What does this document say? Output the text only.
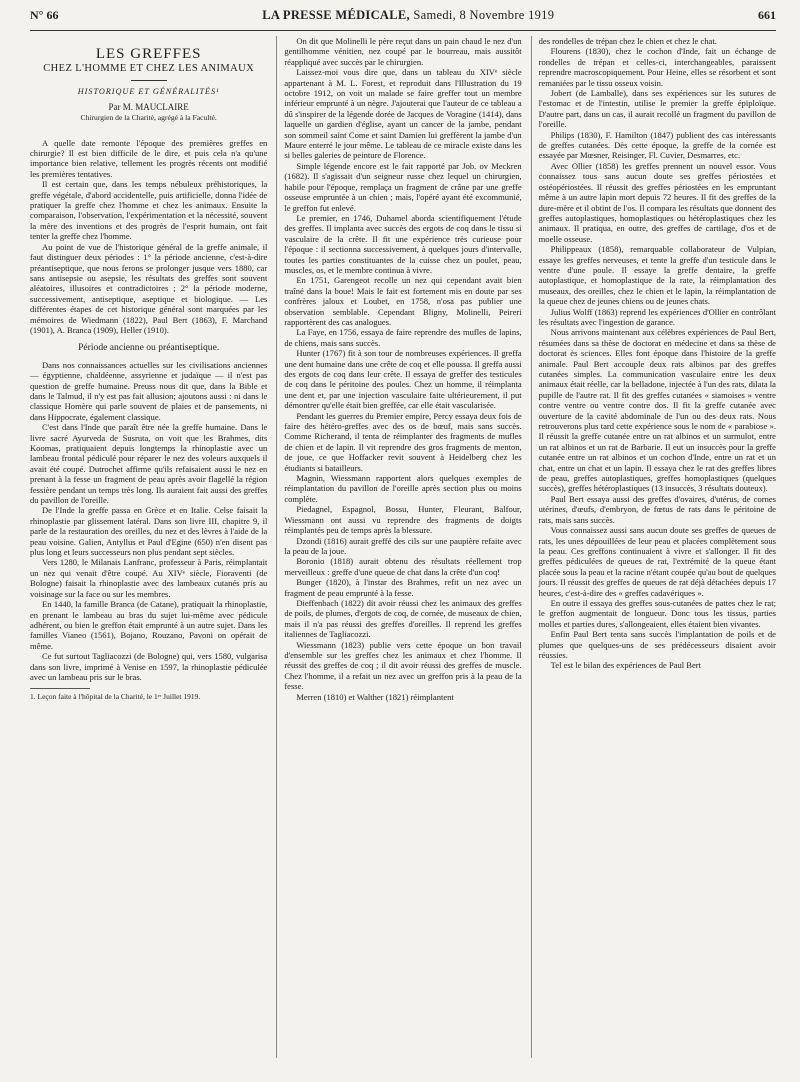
N° 66	LA PRESSE MÉDICALE, Samedi, 8 Novembre 1919	661
LES GREFFES
CHEZ L'HOMME ET CHEZ LES ANIMAUX
HISTORIQUE ET GÉNÉRALITÉS¹
Par M. MAUCLAIRE
Chirurgien de la Charité, agrégé à la Faculté.

A quelle date remonte l'époque des premières greffes en chirurgie? Il est bien difficile de le dire, et puis cela n'a qu'une importance bien relative, tellement les progrès récents ont modifié les premières tentatives.

Il est certain que, dans les temps nébuleux préhistoriques, la greffe végétale, d'abord accidentelle, puis artificielle, donna l'idée de pratiquer la greffe chez l'homme et chez les animaux. Ensuite la comparaison, l'observation, l'expérimentation et la nécessité, souvent la mère des inventions et des progrès de l'esprit humain, ont fait tenter la greffe chez l'homme.

Au point de vue de l'historique général de la greffe animale, il faut distinguer deux périodes : 1° la période ancienne, c'est-à-dire préantiseptique, que nous ferons se prolonger jusque vers 1880, car sans antisepsie ou asepsie, les résultats des greffes sont souvent aléatoires, illusoires et contradictoires ; 2° la période moderne, successivement, antiseptique, aseptique et biologique. — Les différentes étapes de cet historique général sont marquées par les mémoires de Wiedmann (1822), Paul Bert (1863), F. Marchand (1901), A. Branca (1909), Heller (1910).

Période ancienne ou préantiseptique.

Dans nos connaissances actuelles sur les civilisations anciennes — égyptienne, chaldéenne, assyrienne et judaïque — il n'est pas question de greffe humaine. Preuss nous dit que, dans la Bible et dans le Talmud, il n'y est pas fait allusion; ajoutons aussi : ni dans le classique Homère qui parle souvent de plaies et de pansements, ni dans Hippocrate, également classique.

C'est dans l'Inde que paraît être née la greffe humaine. Dans le livre sacré Ayurveda de Susruta, on voit que les Brahmes, dits Koomas, pratiquaient depuis longtemps la rhinoplastie avec un lambeau frontal pédiculé pour réparer le nez des voleurs auxquels il avait été coupé. Dutrochet affirme qu'ils refaisaient aussi le nez en prenant à la fesse un fragment de peau après avoir flagellé la région fessière pendant un temps très long. Ils auraient fait aussi des greffes du pavillon de l'oreille.

De l'Inde la greffe passa en Grèce et en Italie. Celse faisait la rhinoplastie par glissement latéral. Dans son livre III, chapitre 9, il parle de la restauration des oreilles, du nez et des lèvres à l'aide de la peau voisine. Galien, Antyllus et Paul d'Egine (650) n'en disent pas plus long et leurs successeurs non plus pendant sept siècles.

Vers 1280, le Milanais Lanfranc, professeur à Paris, réimplantait un nez qui venait d'être coupé. Au XIVᵉ siècle, Fioraventi (de Bologne) faisait la rhinoplastie avec des lambeaux cutanés pris au voisinage sur la face ou sur les membres.

En 1440, la famille Branca (de Catane), pratiquait la rhinoplastie, en prenant le lambeau au bras du sujet lui-même avec pédicule adhérent, ou bien le greffon était emprunté à un autre sujet. Dans les familles Vianeo (1561), Bojano, Rouzano, Pavoni on opérait de même.

Ce fut surtout Tagliacozzi (de Bologne) qui, vers 1580, vulgarisa dans son livre, imprimé à Venise en 1597, la rhinoplastie pédiculée avec un lambeau pris sur le bras.

1. Leçon faite à l'hôpital de la Charité, le 1ᵉʳ Juillet 1919.

On dit que Molinelli le père reçut dans un pain chaud le nez d'un gentilhomme vénitien, nez coupé par le bourreau, mais aussitôt réappliqué avec succès par le chirurgien.

Laissez-moi vous dire que, dans un tableau du XIVᵉ siècle appartenant à M. L. Forest, et reproduit dans l'Illustration du 19 octobre 1912, on voit un malade se faire greffer tout un membre inférieur emprunté à un nègre. J'ajouterai que l'auteur de ce tableau a dû s'inspirer de la légende dorée de Jacques de Voragine (1414), dans laquelle un gardien d'église, ayant un cancer de la jambe, pendant son sommeil saint Come et saint Damien lui greffèrent la jambe d'un Maure enterré le jour même. Le tableau de ce miracle existe dans les si belles galeries de peinture de Florence.

Simple légende encore est le fait rapporté par Job. ov Meckren (1682). Il s'agissait d'un seigneur russe chez lequel un chirurgien, habile pour l'époque, remplaça un fragment de crâne par une greffe osseuse empruntée à un chien ; mais, l'opéré ayant été excommunié, le greffon fut enlevé.

Le premier, en 1746, Duhamel aborda scientifiquement l'étude des greffes. Il implanta avec succès des ergots de coq dans le tissu si vasculaire de la crête. Il fit une expérience très curieuse pour l'époque : il sectionna successivement, à quelques jours d'intervalle, toutes les parties constituantes de la cuisse chez un poulet, peau, muscles, os, et le membre continua à vivre.

En 1751, Garengeot recolle un nez qui cependant avait bien traîné dans la boue! Mais le fait est fortement mis en doute par ses confrères jaloux et Loubet, en 1758, n'osa pas publier une observation semblable. Cependant Bligny, Molinelli, Peireri rapportèrent des cas analogues.

La Faye, en 1756, essaya de faire reprendre des mufles de lapins, de chiens, mais sans succès.

Hunter (1767) fit à son tour de nombreuses expériences. Il greffa une dent humaine dans une crête de coq et elle poussa. Il greffa aussi des ergots de coq dans leur crête. Il essaya de greffer des testicules de coq dans le péritoine des poules. Chez un homme, il réimplanta une dent et, par une injection vasculaire faite ultérieurement, il put démontrer qu'elle était bien greffée, car elle était vascularisée.

Pendant les guerres du Premier empire, Percy essaya deux fois de faire des hétéro-greffes avec des os de bœuf, mais sans succès. Comme Richerand, il tenta de réimplanter des fragments de mufles de chien et de lapin. Il vit reprendre des gros fragments de menton, de joue, ce que Hoffacker revit souvent à Heidelberg chez les étudiants si batailleurs.

Magnin, Wiessmann rapportent alors quelques exemples de réimplantation du pavillon de l'oreille après section plus ou moins complète.

Piedagnel, Espagnol, Bossu, Hunter, Fleurant, Balfour, Wiessmann ont aussi vu reprendre des fragments de doigts réimplantés peu de temps après la blessure.

Dzondi (1816) aurait greffé des cils sur une paupière refaite avec la peau de la joue.

Boronio (1818) aurait obtenu des résultats réellement trop merveilleux : greffe d'une queue de chat dans la crête d'un coq!

Bunger (1820), à l'instar des Brahmes, refit un nez avec un fragment de peau emprunté à la fesse.

Dieffenbach (1822) dit avoir réussi chez les animaux des greffes de poils, de plumes, d'ergots de coq, de cornée, de museaux de chien, mais il n'a pas réussi des greffes d'oreilles. Il reprend les greffes italiennes de Tagliacozzi.

Wiessmann (1823) publie vers cette époque un bon travail d'ensemble sur les greffes chez les animaux et chez l'homme. Il réussit des greffes de coq ; il dit avoir réussi des greffes de muscle. Chez l'homme, il a refait un nez avec un greffon pris à la peau de la fesse.

Merren (1810) et Walther (1821) réimplantent

des rondelles de trépan chez le chien et chez le chat.

Flourens (1830), chez le cochon d'Inde, fait un échange de rondelles de trépan et celles-ci, interchangeables, paraissent reprendre macroscopiquement. Pour Heine, elles se résorbent et sont remaniées par le tissu osseux voisin.

Jobert (de Lamballe), dans ses expériences sur les sutures de l'estomac et de l'intestin, utilise le premier la greffe épiploïque. D'autre part, dans un cas, il aurait recollé un fragment du pavillon de l'oreille.

Philips (1830), F. Hamilton (1847) publient des cas intéressants de greffes cutanées. Dès cette époque, la greffe de la cornée est essayée par Mœsner, Reisinger, Fl. Cuvier, Desmarres, etc.

Avec Ollier (1858) les greffes prennent un nouvel essor. Vous connaissez tous sans aucun doute ses greffes périostées et ostéopériostées. Il réussit des greffes périostées en les empruntant même à un autre lapin mort depuis 72 heures. Il fit des greffes de la dure-mère et il obtint de l'os. Il compara les résultats que donnent des greffes autoplastiques, homoplastiques ou hétéroplastiques chez les animaux. Il pratiqua, en outre, des greffes de cartilage, d'os et de moelle osseuse.

Philippeaux (1858), remarquable collaborateur de Vulpian, essaye les greffes nerveuses, et tente la greffe d'un testicule dans le ventre d'une poule. Il essaye la greffe dentaire, la greffe autoplastique, et homoplastique de la rate, la réimplantation des museaux, des oreilles, chez le chien et le lapin, la réimplantation de la queue chez de jeunes chiens ou de jeunes chats.

Julius Wolff (1863) reprend les expériences d'Ollier en contrôlant les résultats avec l'ingestion de garance.

Nous arrivons maintenant aux célèbres expériences de Paul Bert, résumées dans sa thèse de doctorat en médecine et dans sa thèse de doctorat ès sciences. Elles font époque dans l'histoire de la greffe animale. Paul Bert accouple deux rats albinos par des greffes cutanées simples. La communication vasculaire entre les deux animaux était réelle, car la belladone, injectée à l'un des rats, dilata la pupille de l'autre rat. Il fit des greffes cutanées « siamoises » ventre contre ventre ou ventre contre dos. Il fit la greffe cutanée avec ouverture de la cavité abdominale de l'un ou des deux rats. Nous retrouverons plus tard cette expérience sous le nom de « parabiose ». Il réussit la greffe cutanée entre un rat albinos et un surmulot, entre un rat albinos et un rat de Barbarie. Il eut un insuccès pour la greffe cutanée entre un rat albinos et un cochon d'Inde, entre un rat et un chat, entre un chat et un lapin. Il essaya chez le rat des greffes libres de peau, greffes autoplastiques, greffes homoplastiques (quelques succès), greffes hétéroplastiques (13 insuccès, 3 résultats douteux).

Paul Bert essaya aussi des greffes d'ovaires, d'utérus, de cornes utérines, d'œufs, d'embryon, de fœtus de rats dans le péritoine de rats, mais sans succès.

Vous connaissez aussi sans aucun doute ses greffes de queues de rats, les unes dépouillées de leur peau et placées complètement sous la peau. Ces greffons continuaient à vivre et s'allonger. Il fit des greffes pédiculées de queues de rat, l'extrémité de la queue étant placée sous la peau et la racine n'étant coupée qu'au bout de quelques jours. Il réussit des greffes de queues de rat déjà détachées depuis 17 heures, c'est-à-dire des « greffes cadavériques ».

En outre il essaya des greffes sous-cutanées de pattes chez le rat; le greffon augmentait de longueur. Donc tous les tissus, parties molles et parties dures, s'allongeaient, elles étaient bien vivantes.

Enfin Paul Bert tenta sans succès l'implantation de poils et de plumes que quelques-uns de ses prédécesseurs disaient avoir réussies.

Tel est le bilan des expériences de Paul Bert
